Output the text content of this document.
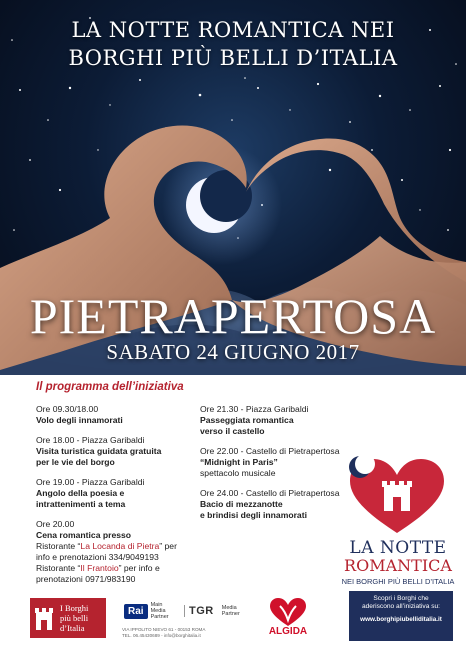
LA NOTTE ROMANTICA NEI
BORGHI PIÙ BELLI D’ITALIA
PIETRAPERTOSA
SABATO 24 GIUGNO 2017
Il programma dell’iniziativa
Ore 09.30/18.00
Volo degli innamorati
Ore 18.00 - Piazza Garibaldi
Visita turistica guidata gratuita
per le vie del borgo
Ore 19.00 - Piazza Garibaldi
Angolo della poesia e
intrattenimenti a tema
Ore 20.00
Cena romantica presso
Ristorante “La Locanda di Pietra” per
info e prenotazioni 334/9049193
Ristorante “Il Frantoio” per info e
prenotazioni 0971/983190
Ore 21.30 - Piazza Garibaldi
Passeggiata romantica
verso il castello
Ore 22.00 - Castello di Pietrapertosa
“Midnight in Paris”
spettacolo musicale
Ore 24.00 - Castello di Pietrapertosa
Bacio di mezzanotte
e brindisi degli innamorati
LA NOTTE
ROMANTICA
NEI BORGHI PIÙ BELLI D’ITALIA
I Borghi
più belli
d’Italia
Rai
Main
Media
Partner	TGR Media
Partner
VIA IPPOLITO NIEVO 61 - 00153 ROMA
TEL. 06.45430689 - info@borghitalia.it	ALGIDA
Scopri i Borghi che
aderiscono all’iniziativa su:
www.borghipiubelliditalia.it
